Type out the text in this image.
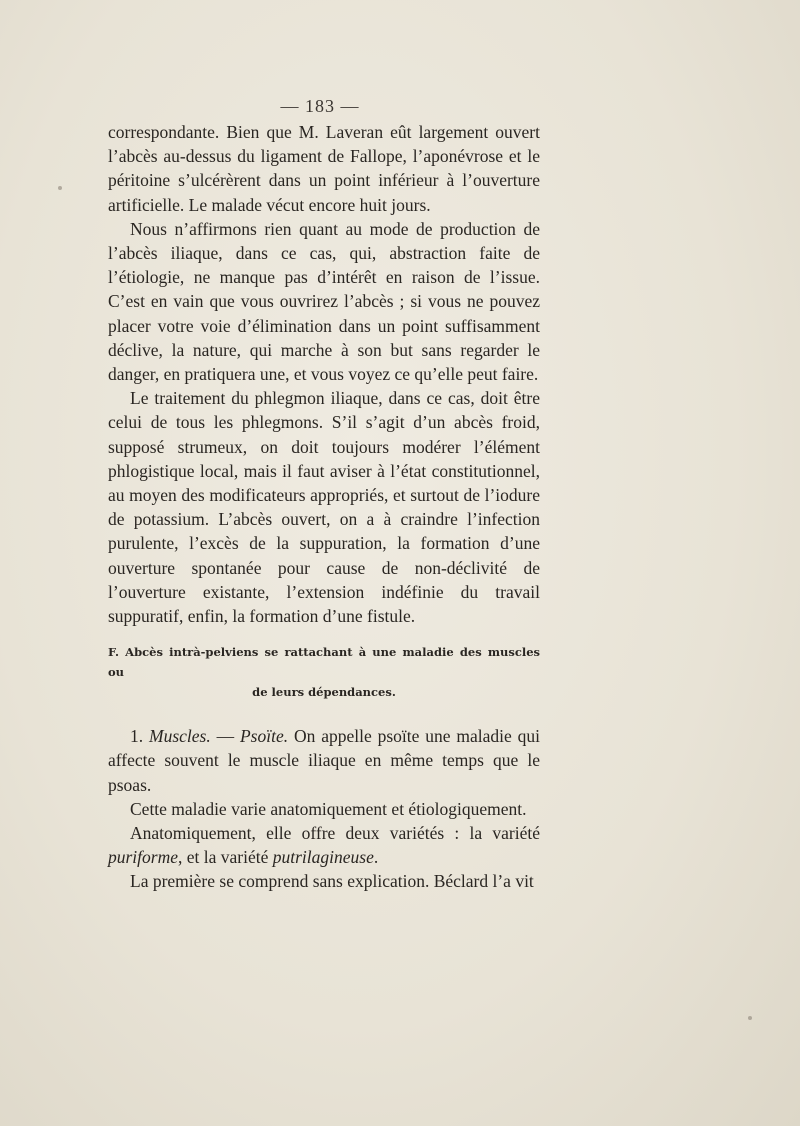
— 183 —

correspondante. Bien que M. Laveran eût largement ouvert l’abcès au-dessus du ligament de Fallope, l’aponévrose et le péritoine s’ulcérèrent dans un point inférieur à l’ouverture artificielle. Le malade vécut encore huit jours.

Nous n’affirmons rien quant au mode de production de l’abcès iliaque, dans ce cas, qui, abstraction faite de l’étiologie, ne manque pas d’intérêt en raison de l’issue. C’est en vain que vous ouvrirez l’abcès ; si vous ne pouvez placer votre voie d’élimination dans un point suffisamment déclive, la nature, qui marche à son but sans regarder le danger, en pratiquera une, et vous voyez ce qu’elle peut faire.

Le traitement du phlegmon iliaque, dans ce cas, doit être celui de tous les phlegmons. S’il s’agit d’un abcès froid, supposé strumeux, on doit toujours modérer l’élément phlogistique local, mais il faut aviser à l’état constitutionnel, au moyen des modificateurs appropriés, et surtout de l’iodure de potassium. L’abcès ouvert, on a à craindre l’infection purulente, l’excès de la suppuration, la formation d’une ouverture spontanée pour cause de non-déclivité de l’ouverture existante, l’extension indéfinie du travail suppuratif, enfin, la formation d’une fistule.

F. Abcès intrà-pelviens se rattachant à une maladie des muscles ou
de leurs dépendances.

1. Muscles. — Psoïte. On appelle psoïte une maladie qui affecte souvent le muscle iliaque en même temps que le psoas.

Cette maladie varie anatomiquement et étiologiquement.

Anatomiquement, elle offre deux variétés : la variété puriforme, et la variété putrilagineuse.

La première se comprend sans explication. Béclard l’a vit
